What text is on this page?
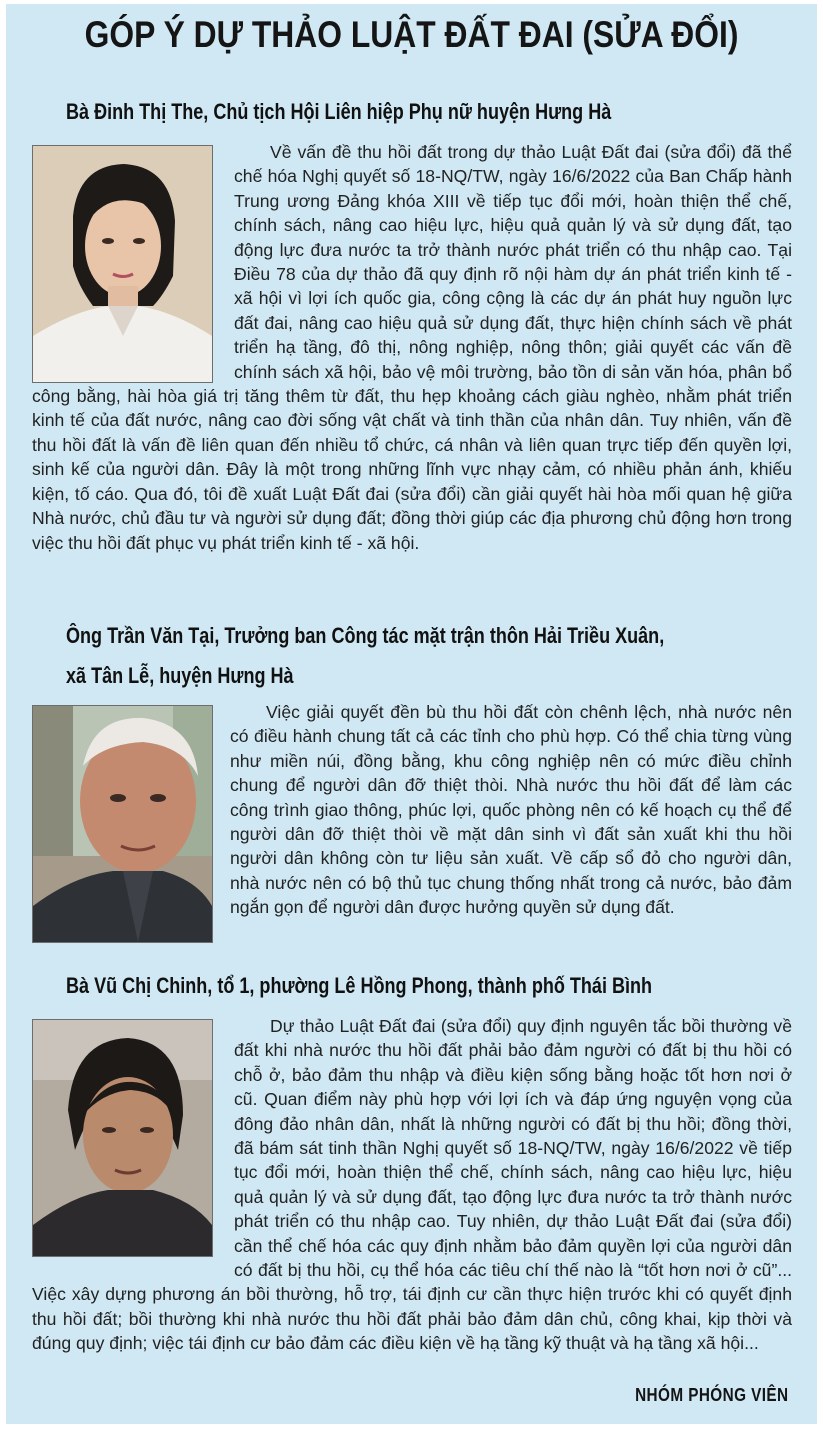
GÓP Ý DỰ THẢO LUẬT ĐẤT ĐAI (SỬA ĐỔI)
Bà Đinh Thị The, Chủ tịch Hội Liên hiệp Phụ nữ huyện Hưng Hà

Về vấn đề thu hồi đất trong dự thảo Luật Đất đai (sửa đổi) đã thể chế hóa Nghị quyết số 18-NQ/TW, ngày 16/6/2022 của Ban Chấp hành Trung ương Đảng khóa XIII về tiếp tục đổi mới, hoàn thiện thể chế, chính sách, nâng cao hiệu lực, hiệu quả quản lý và sử dụng đất, tạo động lực đưa nước ta trở thành nước phát triển có thu nhập cao. Tại Điều 78 của dự thảo đã quy định rõ nội hàm dự án phát triển kinh tế - xã hội vì lợi ích quốc gia, công cộng là các dự án phát huy nguồn lực đất đai, nâng cao hiệu quả sử dụng đất, thực hiện chính sách về phát triển hạ tầng, đô thị, nông nghiệp, nông thôn; giải quyết các vấn đề chính sách xã hội, bảo vệ môi trường, bảo tồn di sản văn hóa, phân bổ công bằng, hài hòa giá trị tăng thêm từ đất, thu hẹp khoảng cách giàu nghèo, nhằm phát triển kinh tế của đất nước, nâng cao đời sống vật chất và tinh thần của nhân dân. Tuy nhiên, vấn đề thu hồi đất là vấn đề liên quan đến nhiều tổ chức, cá nhân và liên quan trực tiếp đến quyền lợi, sinh kế của người dân. Đây là một trong những lĩnh vực nhạy cảm, có nhiều phản ánh, khiếu kiện, tố cáo. Qua đó, tôi đề xuất Luật Đất đai (sửa đổi) cần giải quyết hài hòa mối quan hệ giữa Nhà nước, chủ đầu tư và người sử dụng đất; đồng thời giúp các địa phương chủ động hơn trong việc thu hồi đất phục vụ phát triển kinh tế - xã hội.

Ông Trần Văn Tại, Trưởng ban Công tác mặt trận thôn Hải Triều Xuân,
xã Tân Lễ, huyện Hưng Hà

Việc giải quyết đền bù thu hồi đất còn chênh lệch, nhà nước nên có điều hành chung tất cả các tỉnh cho phù hợp. Có thể chia từng vùng như miền núi, đồng bằng, khu công nghiệp nên có mức điều chỉnh chung để người dân đỡ thiệt thòi. Nhà nước thu hồi đất để làm các công trình giao thông, phúc lợi, quốc phòng nên có kế hoạch cụ thể để người dân đỡ thiệt thòi về mặt dân sinh vì đất sản xuất khi thu hồi người dân không còn tư liệu sản xuất. Về cấp sổ đỏ cho người dân, nhà nước nên có bộ thủ tục chung thống nhất trong cả nước, bảo đảm ngắn gọn để người dân được hưởng quyền sử dụng đất.

Bà Vũ Chị Chinh, tổ 1, phường Lê Hồng Phong, thành phố Thái Bình

Dự thảo Luật Đất đai (sửa đổi) quy định nguyên tắc bồi thường về đất khi nhà nước thu hồi đất phải bảo đảm người có đất bị thu hồi có chỗ ở, bảo đảm thu nhập và điều kiện sống bằng hoặc tốt hơn nơi ở cũ. Quan điểm này phù hợp với lợi ích và đáp ứng nguyện vọng của đông đảo nhân dân, nhất là những người có đất bị thu hồi; đồng thời, đã bám sát tinh thần Nghị quyết số 18-NQ/TW, ngày 16/6/2022 về tiếp tục đổi mới, hoàn thiện thể chế, chính sách, nâng cao hiệu lực, hiệu quả quản lý và sử dụng đất, tạo động lực đưa nước ta trở thành nước phát triển có thu nhập cao. Tuy nhiên, dự thảo Luật Đất đai (sửa đổi) cần thể chế hóa các quy định nhằm bảo đảm quyền lợi của người dân có đất bị thu hồi, cụ thể hóa các tiêu chí thế nào là “tốt hơn nơi ở cũ”... Việc xây dựng phương án bồi thường, hỗ trợ, tái định cư cần thực hiện trước khi có quyết định thu hồi đất; bồi thường khi nhà nước thu hồi đất phải bảo đảm dân chủ, công khai, kịp thời và đúng quy định; việc tái định cư bảo đảm các điều kiện về hạ tầng kỹ thuật và hạ tầng xã hội...

NHÓM PHÓNG VIÊN
